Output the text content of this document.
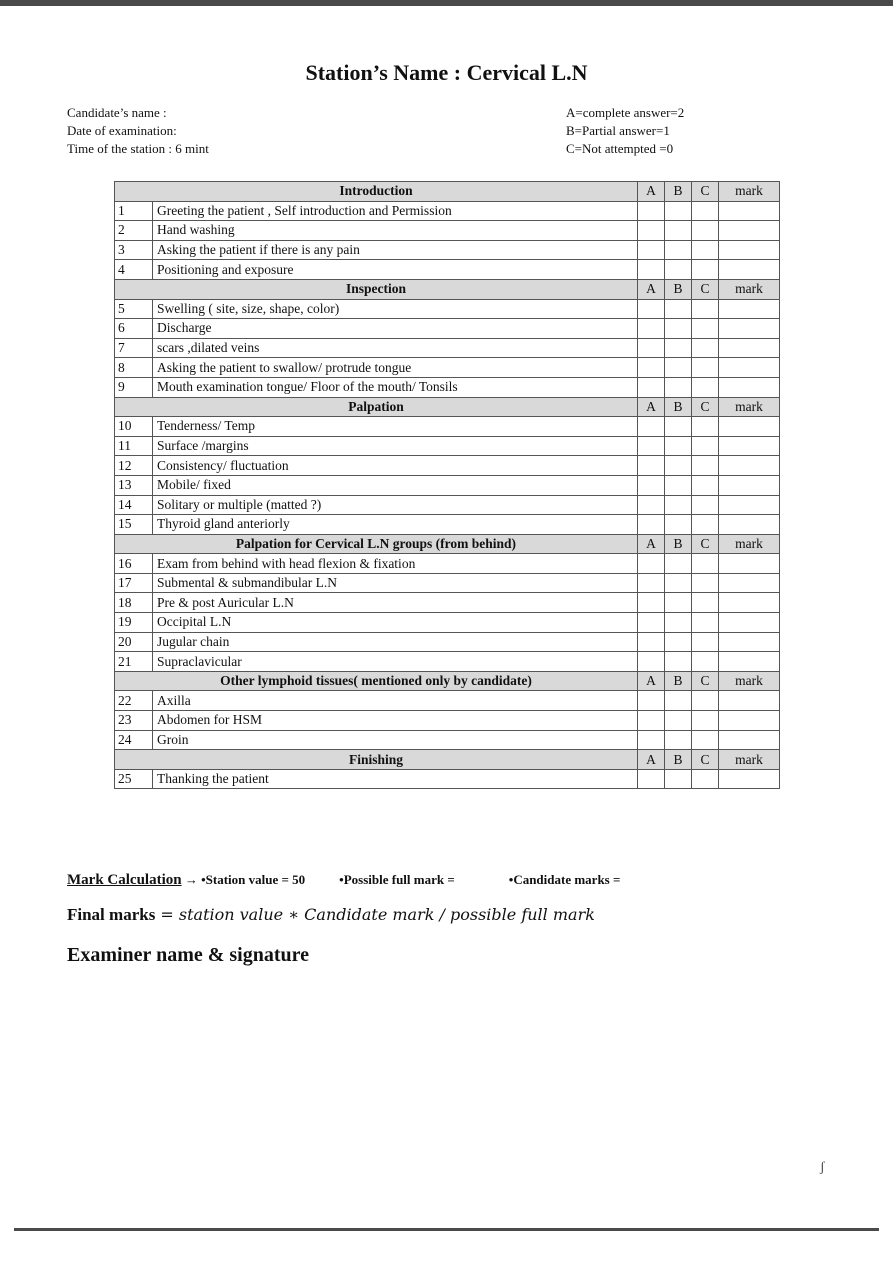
Station’s Name : Cervical L.N
Candidate’s name :
Date of examination:
Time of the station : 6 mint
A=complete answer=2
B=Partial answer=1
C=Not attempted =0
Introduction		A	B	C	mark
1	Greeting the patient , Self introduction and Permission				
2	Hand washing				
3	Asking the patient if there is any pain				
4	Positioning and exposure				
Inspection		A	B	C	mark
5	Swelling ( site, size, shape, color)				
6	Discharge				
7	scars ,dilated veins				
8	Asking the patient to swallow/ protrude tongue				
9	Mouth examination tongue/ Floor of the mouth/ Tonsils				
Palpation		A	B	C	mark
10	Tenderness/ Temp				
11	Surface /margins				
12	Consistency/ fluctuation				
13	Mobile/ fixed				
14	Solitary or multiple (matted ?)				
15	Thyroid gland anteriorly				
Palpation for Cervical L.N groups (from behind)		A	B	C	mark
16	Exam from behind with head flexion & fixation				
17	Submental & submandibular L.N				
18	Pre & post Auricular L.N				
19	Occipital L.N				
20	Jugular chain				
21	Supraclavicular				
Other lymphoid tissues( mentioned only by candidate)		A	B	C	mark
22	Axilla				
23	Abdomen for HSM				
24	Groin				
Finishing		A	B	C	mark
25	Thanking the patient				
Mark Calculation → •Station value = 50	•Possible full mark =	•Candidate marks =
Final marks = station value ∗ Candidate mark / possible full mark
Examiner name & signature
ʃ
